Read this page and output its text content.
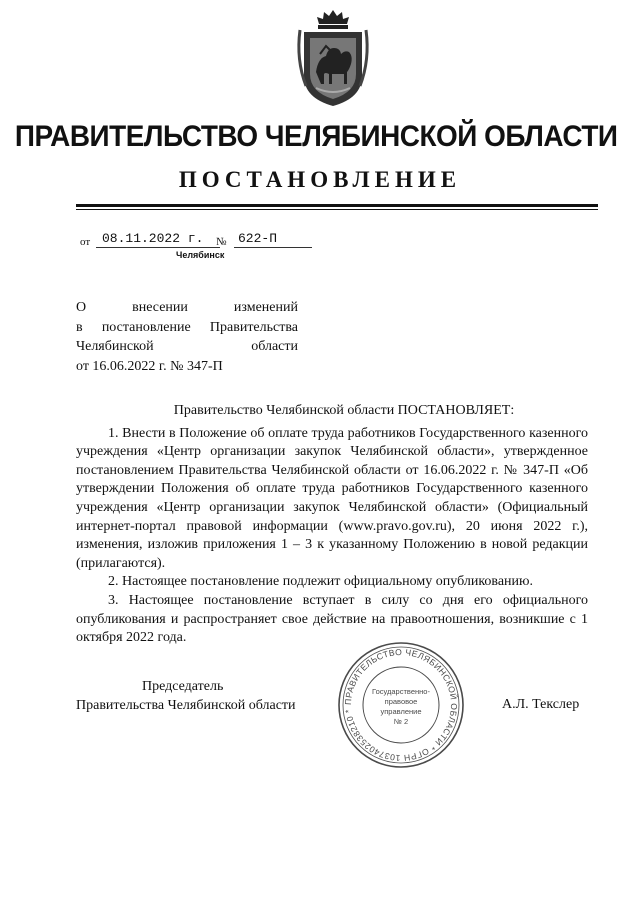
ПРАВИТЕЛЬСТВО ЧЕЛЯБИНСКОЙ ОБЛАСТИ
ПОСТАНОВЛЕНИЕ
от 08.11.2022 г.	№ 622-П
Челябинск
О внесении изменений
в постановление Правительства
Челябинской области
от 16.06.2022 г. № 347-П

Правительство Челябинской области ПОСТАНОВЛЯЕТ:

1. Внести в Положение об оплате труда работников Государственного казенного учреждения «Центр организации закупок Челябинской области», утвержденное постановлением Правительства Челябинской области от 16.06.2022 г. № 347-П «Об утверждении Положения об оплате труда работников Государственного казенного учреждения «Центр организации закупок Челябинской области» (Официальный интернет-портал правовой информации (www.pravo.gov.ru), 20 июня 2022 г.), изменения, изложив приложения 1 – 3 к указанному Положению в новой редакции (прилагаются).

2. Настоящее постановление подлежит официальному опубликованию.

3. Настоящее постановление вступает в силу со дня его официального опубликования и распространяет свое действие на правоотношения, возникшие с 1 октября 2022 года.

Председатель
Правительства Челябинской области	А.Л. Текслер
ПРАВИТЕЛЬСТВО ЧЕЛЯБИНСКОЙ ОБЛАСТИ * ОГРН 1037402538210 *
Государственно-
правовое
управление
№ 2
